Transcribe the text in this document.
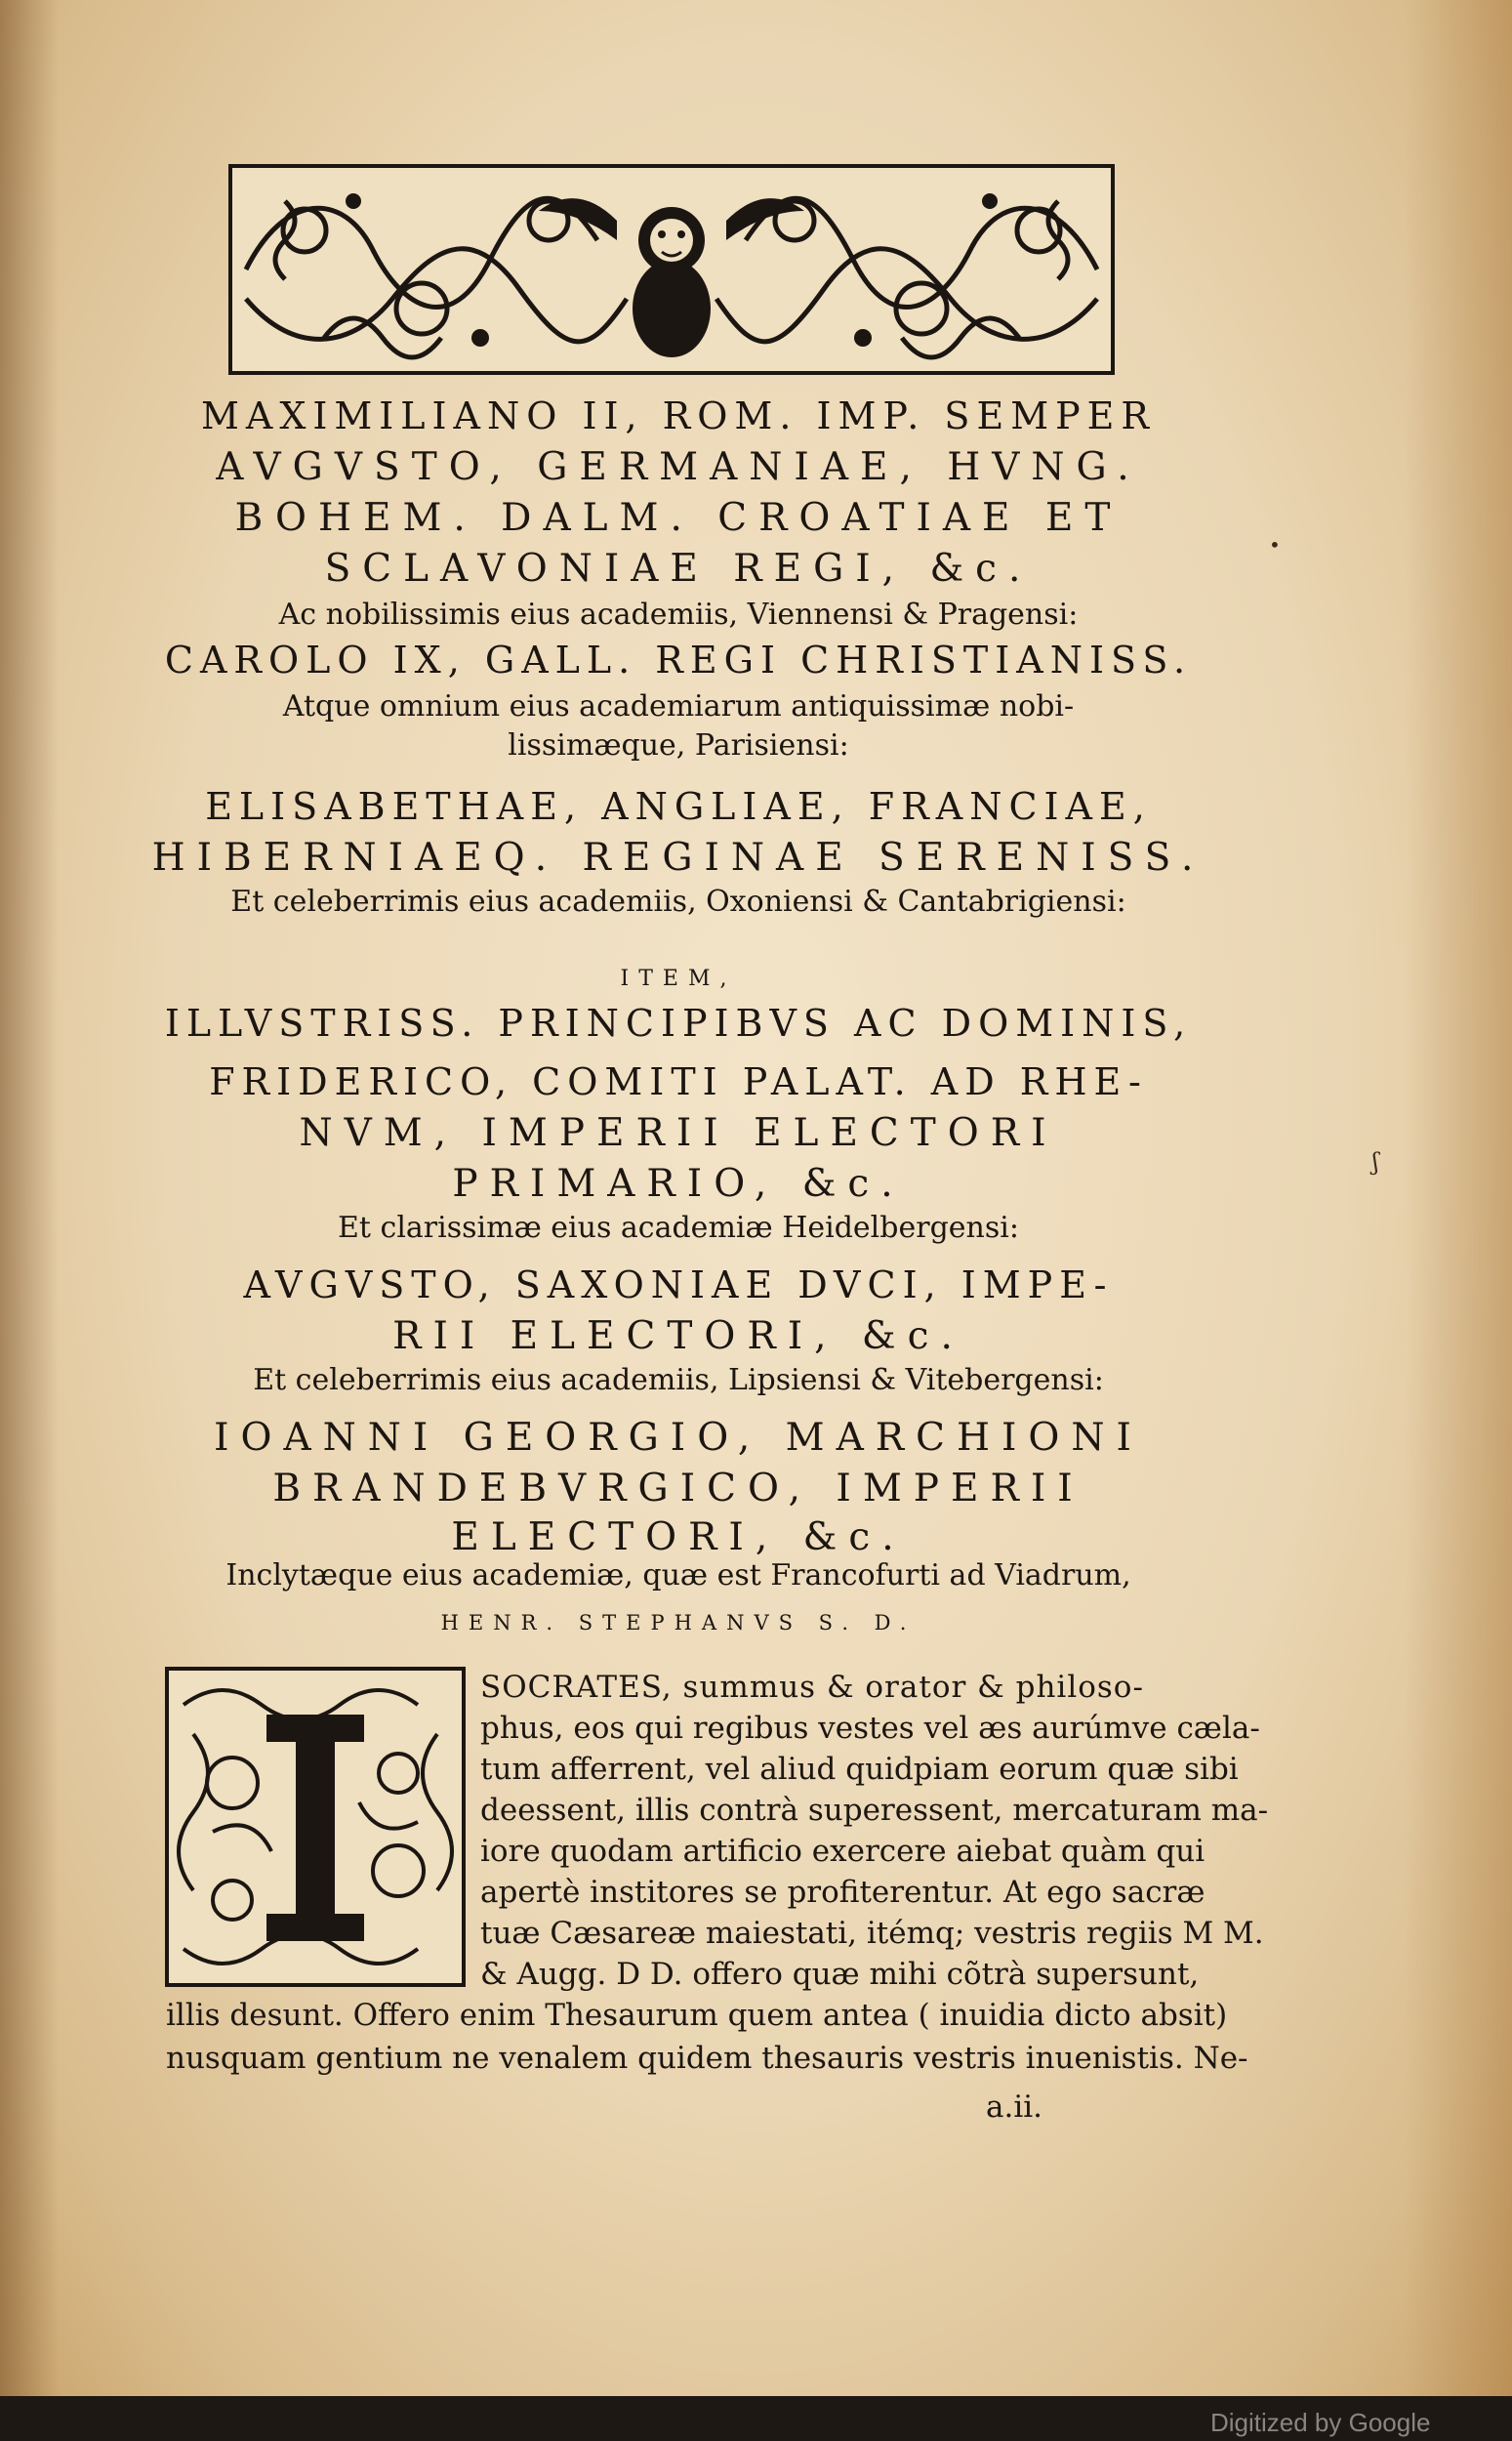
MAXIMILIANO II, ROM. IMP. SEMPER
AVGVSTO, GERMANIAE, HVNG.
BOHEM. DALM. CROATIAE ET
SCLAVONIAE REGI, &c.
Ac nobilissimis eius academiis, Viennensi & Pragensi:
CAROLO IX, GALL. REGI CHRISTIANISS.
Atque omnium eius academiarum antiquissimæ nobi-
lissimæque, Parisiensi:
ELISABETHAE, ANGLIAE, FRANCIAE,
HIBERNIAEQ. REGINAE SERENISS.
Et celeberrimis eius academiis, Oxoniensi & Cantabrigiensi:
ITEM,
ILLVSTRISS. PRINCIPIBVS AC DOMINIS,
FRIDERICO, COMITI PALAT. AD RHE-
NVM, IMPERII ELECTORI
PRIMARIO, &c.
Et clarissimæ eius academiæ Heidelbergensi:
AVGVSTO, SAXONIAE DVCI, IMPE-
RII ELECTORI, &c.
Et celeberrimis eius academiis, Lipsiensi & Vitebergensi:
IOANNI GEORGIO, MARCHIONI
BRANDEBVRGICO, IMPERII
ELECTORI, &c.
Inclytæque eius academiæ, quæ est Francofurti ad Viadrum,
HENR. STEPHANVS S. D.
I
SOCRATES, summus & orator & philoso-
phus, eos qui regibus vestes vel æs aurúmve cæla-
tum afferrent, vel aliud quidpiam eorum quæ sibi
deessent, illis contrà superessent, mercaturam ma-
iore quodam artificio exercere aiebat quàm qui
apertè institores se profiterentur. At ego sacræ
tuæ Cæsareæ maiestati, itémq; vestris regiis M M.
& Augg. D D. offero quæ mihi cõtrà supersunt,
illis desunt. Offero enim Thesaurum quem antea ( inuidia dicto absit)
nusquam gentium ne venalem quidem thesauris vestris inuenistis. Ne-
a.ii.
•
ʃ
Digitized by Google
